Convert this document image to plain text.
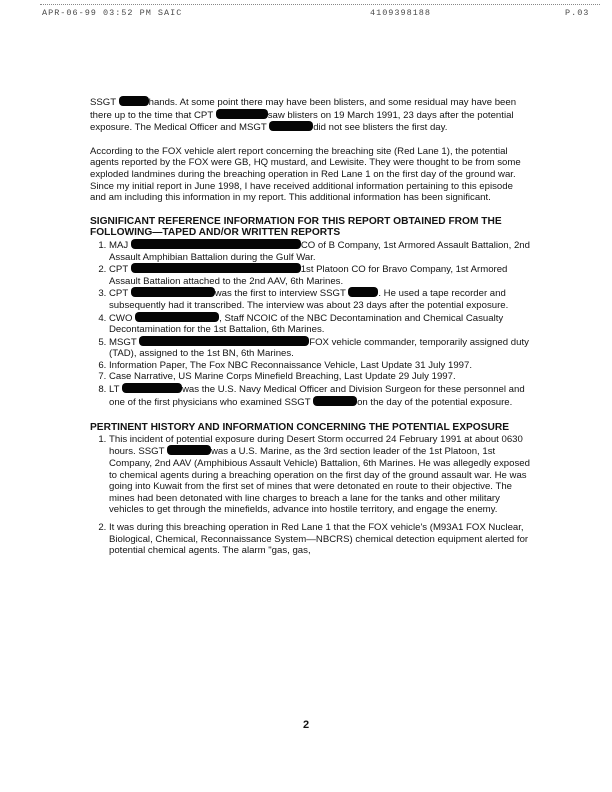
APR-06-99 03:52 PM SAIC	4109398188	P.03

SSGT	hands. At some point there may have been blisters, and some residual may have been there up to the time that CPT	saw blisters on 19 March 1991, 23 days after the potential exposure. The Medical Officer and MSGT	did not see blisters the first day.

According to the FOX vehicle alert report concerning the breaching site (Red Lane 1), the potential agents reported by the FOX were GB, HQ mustard, and Lewisite. They were thought to be from some exploded landmines during the breaching operation in Red Lane 1 on the first day of the ground war. Since my initial report in June 1998, I have received additional information pertaining to this episode and am including this information in my report. This additional information has been significant.

SIGNIFICANT REFERENCE INFORMATION FOR THIS REPORT OBTAINED FROM THE FOLLOWING—TAPED AND/OR WRITTEN REPORTS

1. MAJ	CO of B Company, 1st Armored Assault Battalion, 2nd Assault Amphibian Battalion during the Gulf War.
2. CPT	1st Platoon CO for Bravo Company, 1st Armored Assault Battalion attached to the 2nd AAV, 6th Marines.
3. CPT	was the first to interview SSGT	. He used a tape recorder and subsequently had it transcribed. The interview was about 23 days after the potential exposure.
4. CWO	, Staff NCOIC of the NBC Decontamination and Chemical Casualty Decontamination for the 1st Battalion, 6th Marines.
5. MSGT	FOX vehicle commander, temporarily assigned duty (TAD), assigned to the 1st BN, 6th Marines.
6. Information Paper, The Fox NBC Reconnaissance Vehicle, Last Update 31 July 1997.
7. Case Narrative, US Marine Corps Minefield Breaching, Last Update 29 July 1997.
8. LT	was the U.S. Navy Medical Officer and Division Surgeon for these personnel and one of the first physicians who examined SSGT	on the day of the potential exposure.

PERTINENT HISTORY AND INFORMATION CONCERNING THE POTENTIAL EXPOSURE

1. This incident of potential exposure during Desert Storm occurred 24 February 1991 at about 0630 hours. SSGT	was a U.S. Marine, as the 3rd section leader of the 1st Platoon, 1st Company, 2nd AAV (Amphibious Assault Vehicle) Battalion, 6th Marines. He was allegedly exposed to chemical agents during a breaching operation on the first day of the ground assault war. He was going into Kuwait from the first set of mines that were detonated en route to their objective. The mines had been detonated with line charges to breach a lane for the tanks and other military vehicles to get through the minefields, advance into hostile territory, and engage the enemy.
2. It was during this breaching operation in Red Lane 1 that the FOX vehicle's (M93A1 FOX Nuclear, Biological, Chemical, Reconnaissance System—NBCRS) chemical detection equipment alerted for potential chemical agents. The alarm "gas, gas,
2
